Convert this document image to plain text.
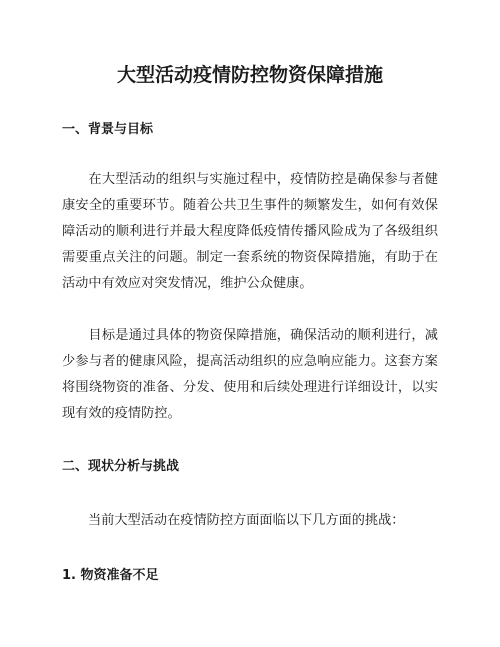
大型活动疫情防控物资保障措施
一、背景与目标

在大型活动的组织与实施过程中，疫情防控是确保参与者健康安全的重要环节。随着公共卫生事件的频繁发生，如何有效保障活动的顺利进行并最大程度降低疫情传播风险成为了各级组织需要重点关注的问题。制定一套系统的物资保障措施，有助于在活动中有效应对突发情况，维护公众健康。

目标是通过具体的物资保障措施，确保活动的顺利进行，减少参与者的健康风险，提高活动组织的应急响应能力。这套方案将围绕物资的准备、分发、使用和后续处理进行详细设计，以实现有效的疫情防控。

二、现状分析与挑战

当前大型活动在疫情防控方面面临以下几方面的挑战：

1. 物资准备不足
